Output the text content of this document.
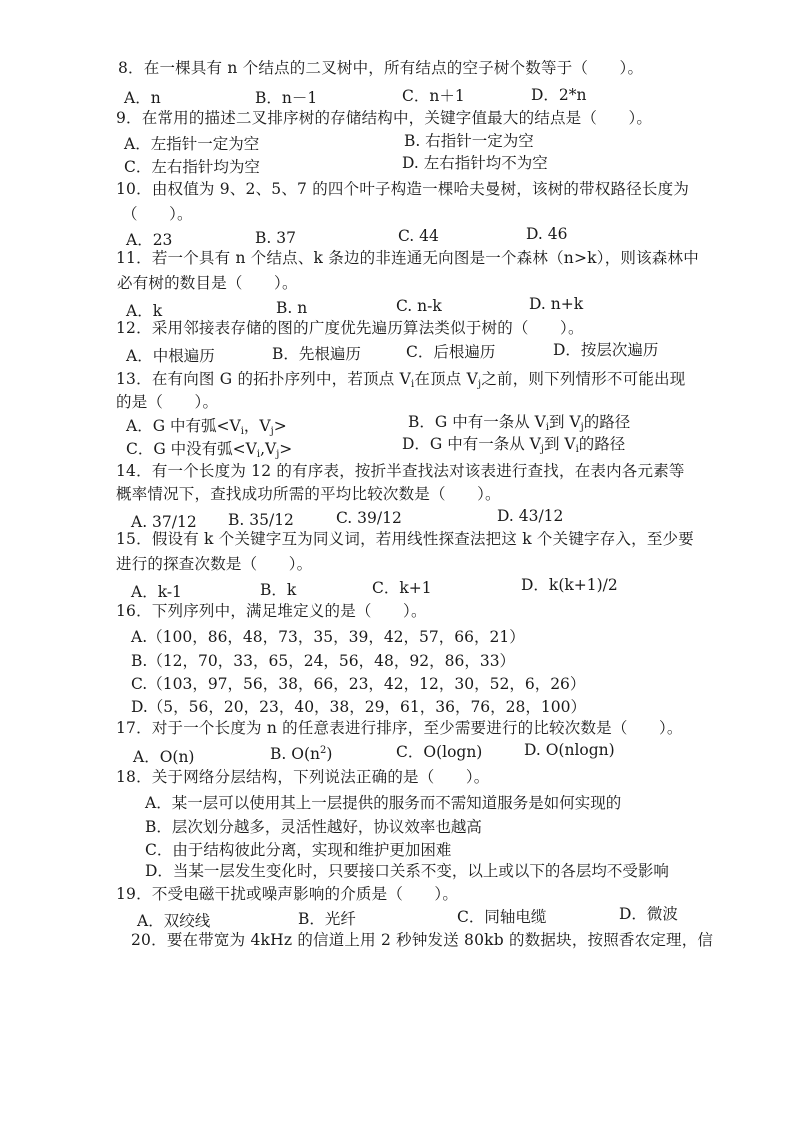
8．在一棵具有 n 个结点的二叉树中，所有结点的空子树个数等于（　　）。
A．n	B．n－1	C．n＋1	D．2*n
9．在常用的描述二叉排序树的存储结构中，关键字值最大的结点是（　　）。
A．左指针一定为空	B. 右指针一定为空
C．左右指针均为空	D. 左右指针均不为空
10．由权值为 9、2、5、7 的四个叶子构造一棵哈夫曼树，该树的带权路径长度为
（　　）。
A．23	B. 37	C. 44	D. 46
11．若一个具有 n 个结点、k 条边的非连通无向图是一个森林（n>k），则该森林中
必有树的数目是（　　）。
A．k	B. n	C. n-k	D. n+k
12．采用邻接表存储的图的广度优先遍历算法类似于树的（　　）。
A．中根遍历	B．先根遍历	C．后根遍历	D．按层次遍历
13．在有向图 G 的拓扑序列中，若顶点 $V_i$在顶点 $V_j$之前，则下列情形不可能出现
的是（　　）。
A．G 中有弧$<V_i$，$V_j>$	B．G 中有一条从 $V_i$到 $V_j$的路径
C．G 中没有弧$<V_i,V_j>$	D．G 中有一条从 $V_j$到 $V_i$的路径
14．有一个长度为 12 的有序表，按折半查找法对该表进行查找，在表内各元素等
概率情况下，查找成功所需的平均比较次数是（　　）。
A. 37/12 B. 35/12	C. 39/12	D. 43/12
15．假设有 k 个关键字互为同义词，若用线性探查法把这 k 个关键字存入，至少要
进行的探查次数是（　　）。
A．k-1	B．k	C．k+1	D．k(k+1)/2
16．下列序列中，满足堆定义的是（　　）。
A.（100，86，48，73，35，39，42，57，66，21）
B.（12，70，33，65，24，56，48，92，86，33）
C.（103，97，56，38，66，23，42，12，30，52，6，26）
D.（5，56，20，23，40，38，29，61，36，76，28，100）
17．对于一个长度为 n 的任意表进行排序，至少需要进行的比较次数是（　　）。
A．O(n)	B. $O(n^2)$	C．O(logn)	D. O(nlogn)
18．关于网络分层结构，下列说法正确的是（　　）。
A．某一层可以使用其上一层提供的服务而不需知道服务是如何实现的
B．层次划分越多，灵活性越好，协议效率也越高
C．由于结构彼此分离，实现和维护更加困难
D．当某一层发生变化时，只要接口关系不变，以上或以下的各层均不受影响
19．不受电磁干扰或噪声影响的介质是（　　）。
A．双绞线	B．光纤	C．同轴电缆	D．微波
20．要在带宽为 4kHz 的信道上用 2 秒钟发送 80kb 的数据块，按照香农定理，信
